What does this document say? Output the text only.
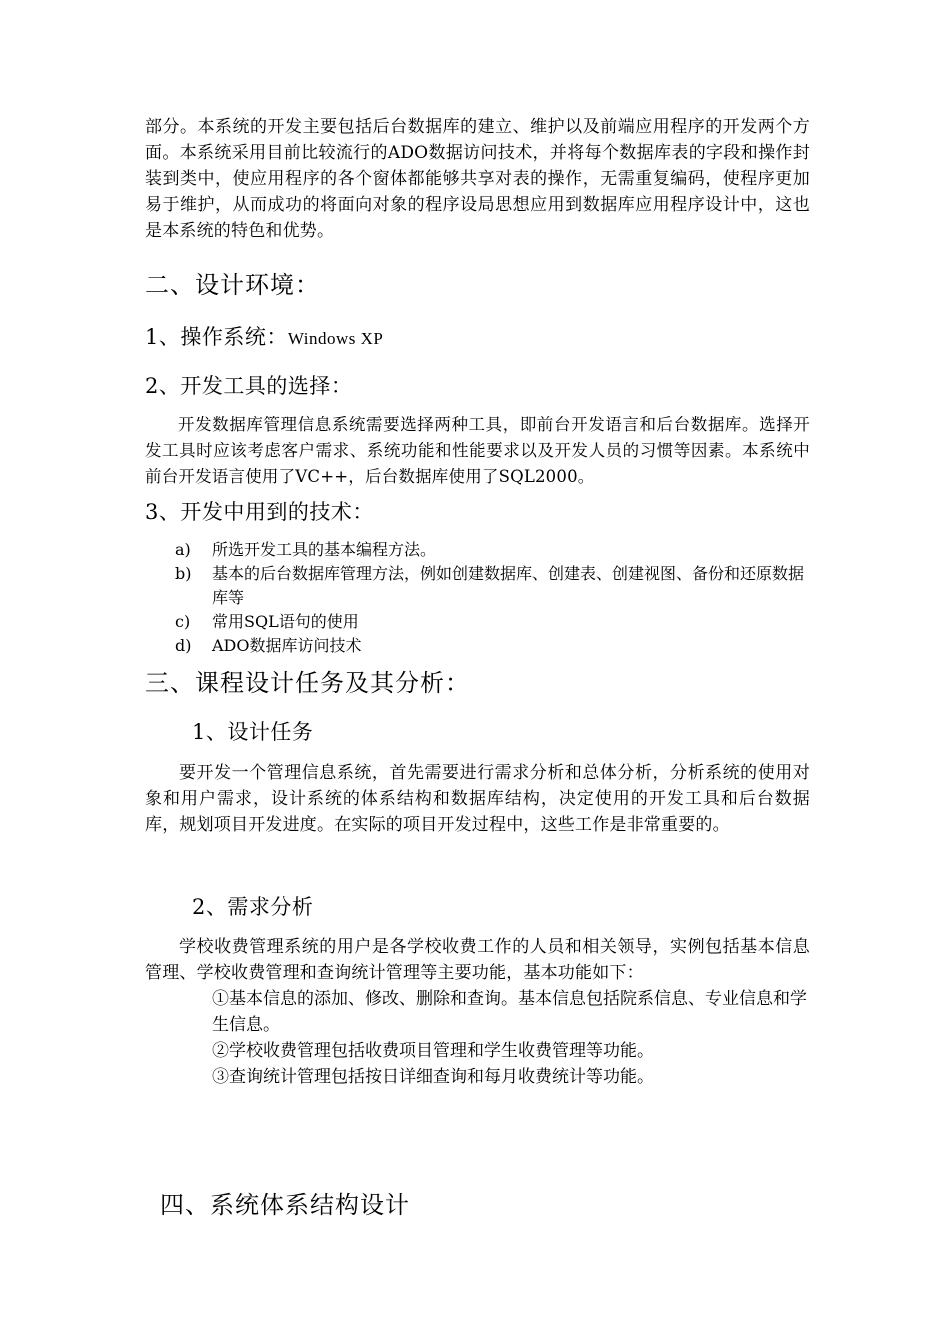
部分。本系统的开发主要包括后台数据库的建立、维护以及前端应用程序的开发两个方面。本系统采用目前比较流行的ADO数据访问技术，并将每个数据库表的字段和操作封装到类中，使应用程序的各个窗体都能够共享对表的操作，无需重复编码，使程序更加易于维护，从而成功的将面向对象的程序设局思想应用到数据库应用程序设计中，这也是本系统的特色和优势。
二、设计环境：
1、操作系统：Windows XP
2、开发工具的选择：
开发数据库管理信息系统需要选择两种工具，即前台开发语言和后台数据库。选择开发工具时应该考虑客户需求、系统功能和性能要求以及开发人员的习惯等因素。本系统中前台开发语言使用了VC++，后台数据库使用了SQL2000。
3、开发中用到的技术：
a)	所选开发工具的基本编程方法。
b)	基本的后台数据库管理方法，例如创建数据库、创建表、创建视图、备份和还原数据库等
c)	常用SQL语句的使用
d)	ADO数据库访问技术
三、课程设计任务及其分析：
1、设计任务
要开发一个管理信息系统，首先需要进行需求分析和总体分析，分析系统的使用对象和用户需求，设计系统的体系结构和数据库结构，决定使用的开发工具和后台数据库，规划项目开发进度。在实际的项目开发过程中，这些工作是非常重要的。
2、需求分析
学校收费管理系统的用户是各学校收费工作的人员和相关领导，实例包括基本信息管理、学校收费管理和查询统计管理等主要功能，基本功能如下：
①基本信息的添加、修改、删除和查询。基本信息包括院系信息、专业信息和学生信息。
②学校收费管理包括收费项目管理和学生收费管理等功能。
③查询统计管理包括按日详细查询和每月收费统计等功能。
四、系统体系结构设计
